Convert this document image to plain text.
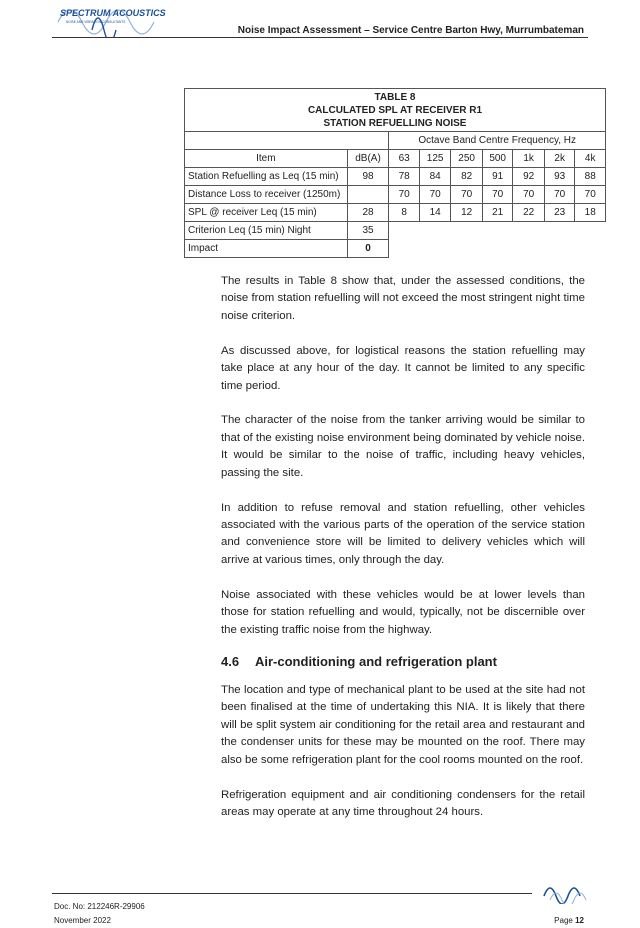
SPECTRUM ACOUSTICS
NOISE AND VIBRATION CONSULTANTS
Noise Impact Assessment – Service Centre Barton Hwy, Murrumbateman
TABLE 8
CALCULATED SPL AT RECEIVER R1
STATION REFUELLING NOISE								

		Octave Band Centre Frequency, Hz						
Item	dB(A)	63	125	250	500	1k	2k	4k
Station Refuelling as Leq (15 min)	98	78	84	82	91	92	93	88
Distance Loss to receiver (1250m)		70	70	70	70	70	70	70
SPL @ receiver Leq (15 min)	28	8	14	12	21	22	23	18
Criterion Leq (15 min) Night	35							
Impact	0							

The results in Table 8 show that, under the assessed conditions, the noise from station refuelling will not exceed the most stringent night time noise criterion.

As discussed above, for logistical reasons the station refuelling may take place at any hour of the day. It cannot be limited to any specific time period.

The character of the noise from the tanker arriving would be similar to that of the existing noise environment being dominated by vehicle noise. It would be similar to the noise of traffic, including heavy vehicles, passing the site.

In addition to refuse removal and station refuelling, other vehicles associated with the various parts of the operation of the service station and convenience store will be limited to delivery vehicles which will arrive at various times, only through the day.

Noise associated with these vehicles would be at lower levels than those for station refuelling and would, typically, not be discernible over the existing traffic noise from the highway.

4.6 Air-conditioning and refrigeration plant

The location and type of mechanical plant to be used at the site had not been finalised at the time of undertaking this NIA. It is likely that there will be split system air conditioning for the retail area and restaurant and the condenser units for these may be mounted on the roof. There may also be some refrigeration plant for the cool rooms mounted on the roof.

Refrigeration equipment and air conditioning condensers for the retail areas may operate at any time throughout 24 hours.

Doc. No: 212246R-29906
November 2022	Page 12
